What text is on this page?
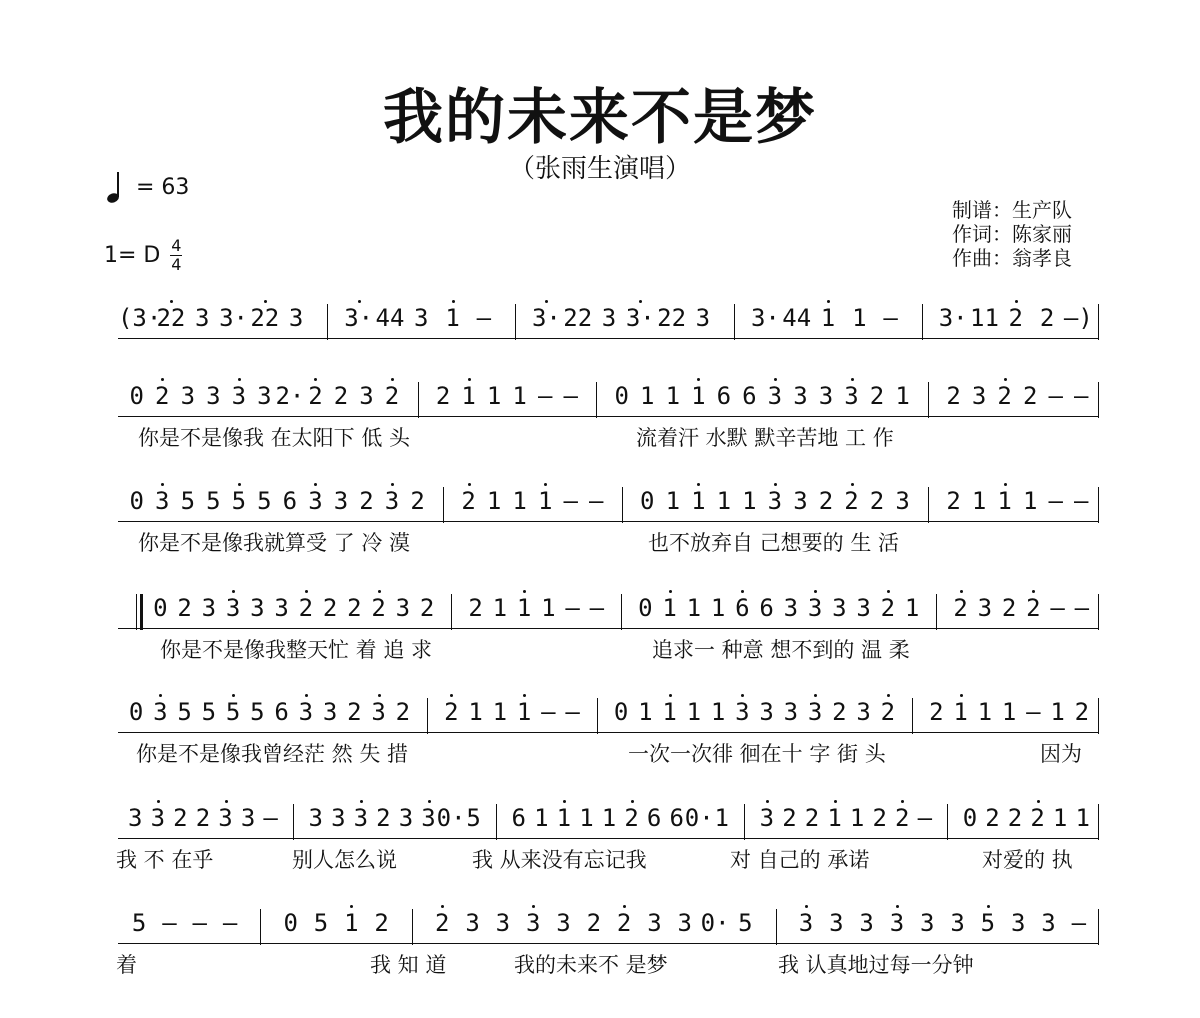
我的未来不是梦
（张雨生演唱）
= 63
1= D 4
4
制谱：生产队
作词：陈家丽
作曲：翁孝良
(3·
22 3 3· 22 3 3· 44 3 1 — 3· 22 3 3· 22 3 3· 44 1 1 — 3· 11 2 2 —)
0 2 3 3 3 3 2· 2 2 3 2 2 1 1 1 — — 0 1 1 1 6 6 3 3 3 3 2 1 2 3 2 2 — —
你是不是像我 在太阳下 低 头	流着汗 水默 默辛苦地 工 作
0 3 5 5 5 5 6 3 3 2 3 2 2 1 1 1 — — 0 1 1 1 1 3 3 2 2 2 3 2 1 1 1 — —
你是不是像我就算受 了 冷 漠	也不放弃自 己想要的 生 活
0 2 3 3 3 3 2 2 2 2 3 2 2 1 1 1 — — 0 1 1 1 6 6 3 3 3 3 2 1 2 3 2 2 — —
你是不是像我整天忙 着 追 求	追求一 种意 想不到的 温 柔
0 3 5 5 5 5 6 3 3 2 3 2 2 1 1 1 — — 0 1 1 1 1 3 3 3 3 2 3 2 2 1 1 1 — 1 2
你是不是像我曾经茫 然 失 措	一次一次徘 徊在十 字 街 头	因为
3 3 2 2 3 3 — 3 3 3 2 3 3 0· 5 6 1 1 1 1 2 6 6 0· 1 3 2 2 1 1 2 2 — 0 2 2 2 1 1
我 不 在乎	别人怎么说	我 从来没有忘记我	对 自己的 承诺	对爱的 执
5 — — — 0 5 1 2 2 3 3 3 3 2 2 3 3 0· 5 3 3 3 3 3 3 5 3 3 —
着	我 知 道	我的未来不 是梦	我 认真地过每一分钟
